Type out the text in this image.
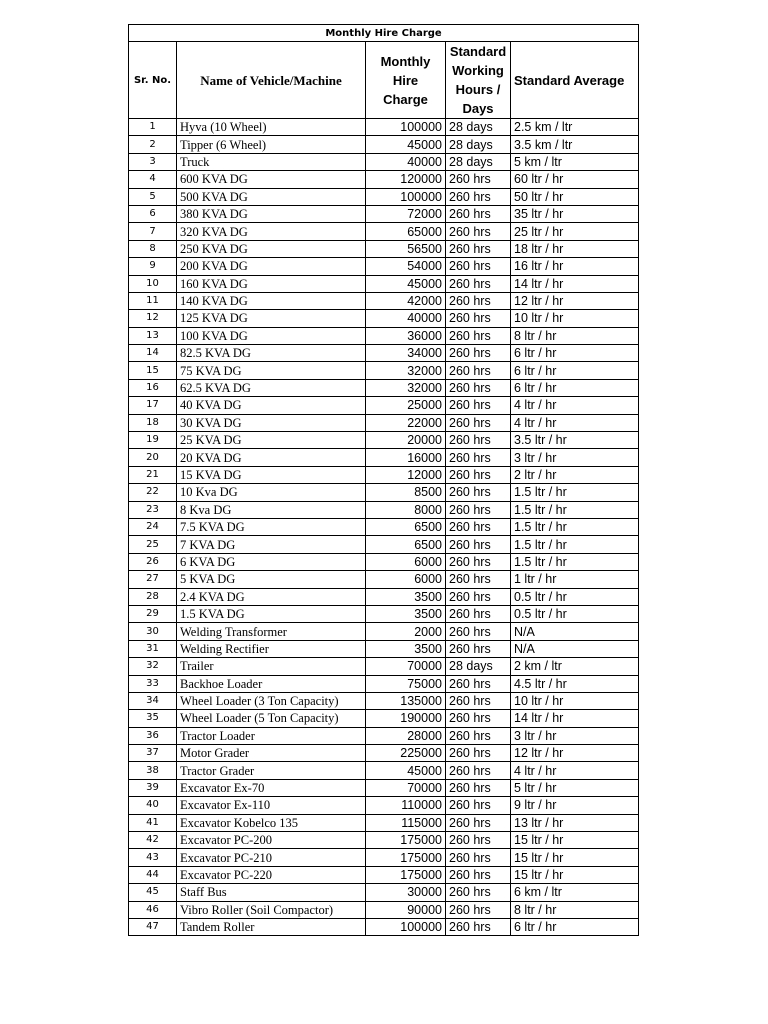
Monthly Hire Charge				
Sr. No.	Name of Vehicle/Machine	Monthly Hire Charge	Standard Working Hours / Days	Standard Average
1	Hyva (10 Wheel)	100000	28 days	2.5 km / ltr
2	Tipper (6 Wheel)	45000	28 days	3.5 km / ltr
3	Truck	40000	28 days	5 km / ltr
4	600 KVA DG	120000	260 hrs	60 ltr / hr
5	500 KVA DG	100000	260 hrs	50 ltr / hr
6	380 KVA DG	72000	260 hrs	35 ltr / hr
7	320 KVA DG	65000	260 hrs	25 ltr / hr
8	250 KVA DG	56500	260 hrs	18 ltr / hr
9	200 KVA DG	54000	260 hrs	16 ltr / hr
10	160 KVA DG	45000	260 hrs	14 ltr / hr
11	140 KVA DG	42000	260 hrs	12 ltr / hr
12	125 KVA DG	40000	260 hrs	10 ltr / hr
13	100 KVA DG	36000	260 hrs	8 ltr / hr
14	82.5 KVA DG	34000	260 hrs	6 ltr / hr
15	75 KVA DG	32000	260 hrs	6 ltr / hr
16	62.5 KVA DG	32000	260 hrs	6 ltr / hr
17	40 KVA DG	25000	260 hrs	4 ltr / hr
18	30 KVA DG	22000	260 hrs	4 ltr / hr
19	25 KVA DG	20000	260 hrs	3.5 ltr / hr
20	20 KVA DG	16000	260 hrs	3 ltr / hr
21	15 KVA DG	12000	260 hrs	2 ltr / hr
22	10 Kva DG	8500	260 hrs	1.5 ltr / hr
23	8 Kva DG	8000	260 hrs	1.5 ltr / hr
24	7.5 KVA DG	6500	260 hrs	1.5 ltr / hr
25	7 KVA DG	6500	260 hrs	1.5 ltr / hr
26	6 KVA DG	6000	260 hrs	1.5 ltr / hr
27	5 KVA DG	6000	260 hrs	1 ltr / hr
28	2.4 KVA DG	3500	260 hrs	0.5 ltr / hr
29	1.5 KVA DG	3500	260 hrs	0.5 ltr / hr
30	Welding Transformer	2000	260 hrs	N/A
31	Welding Rectifier	3500	260 hrs	N/A
32	Trailer	70000	28 days	2 km / ltr
33	Backhoe Loader	75000	260 hrs	4.5 ltr / hr
34	Wheel Loader (3 Ton Capacity)	135000	260 hrs	10 ltr / hr
35	Wheel Loader (5 Ton Capacity)	190000	260 hrs	14 ltr / hr
36	Tractor Loader	28000	260 hrs	3 ltr / hr
37	Motor Grader	225000	260 hrs	12 ltr / hr
38	Tractor Grader	45000	260 hrs	4 ltr / hr
39	Excavator Ex-70	70000	260 hrs	5 ltr / hr
40	Excavator Ex-110	110000	260 hrs	9 ltr / hr
41	Excavator Kobelco 135	115000	260 hrs	13 ltr / hr
42	Excavator PC-200	175000	260 hrs	15 ltr / hr
43	Excavator PC-210	175000	260 hrs	15 ltr / hr
44	Excavator PC-220	175000	260 hrs	15 ltr / hr
45	Staff Bus	30000	260 hrs	6 km / ltr
46	Vibro Roller (Soil Compactor)	90000	260 hrs	8 ltr / hr
47	Tandem Roller	100000	260 hrs	6 ltr / hr
